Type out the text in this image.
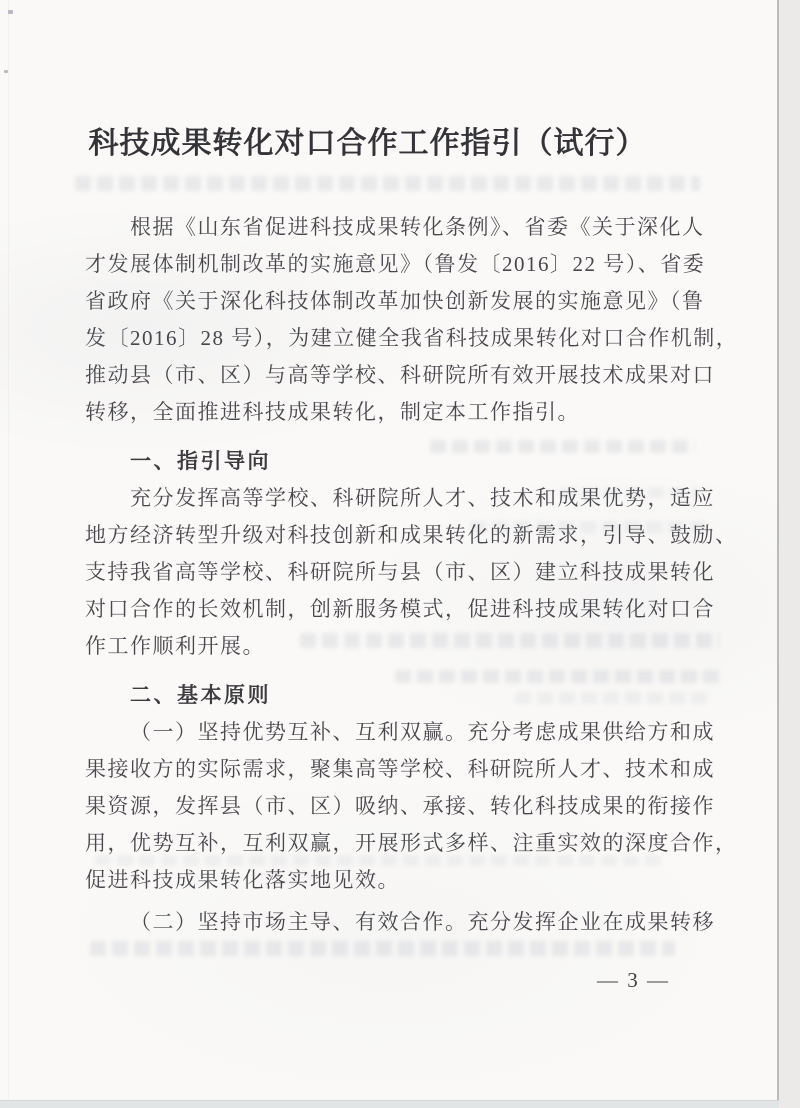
科技成果转化对口合作工作指引（试行）
根据《山东省促进科技成果转化条例》、省委《关于深化人
才发展体制机制改革的实施意见》（鲁发〔2016〕22 号）、省委
省政府《关于深化科技体制改革加快创新发展的实施意见》（鲁
发〔2016〕28 号），为建立健全我省科技成果转化对口合作机制，
推动县（市、区）与高等学校、科研院所有效开展技术成果对口
转移，全面推进科技成果转化，制定本工作指引。
一、指引导向
充分发挥高等学校、科研院所人才、技术和成果优势，适应
地方经济转型升级对科技创新和成果转化的新需求，引导、鼓励、
支持我省高等学校、科研院所与县（市、区）建立科技成果转化
对口合作的长效机制，创新服务模式，促进科技成果转化对口合
作工作顺利开展。
二、基本原则
（一）坚持优势互补、互利双赢。充分考虑成果供给方和成
果接收方的实际需求，聚集高等学校、科研院所人才、技术和成
果资源，发挥县（市、区）吸纳、承接、转化科技成果的衔接作
用，优势互补，互利双赢，开展形式多样、注重实效的深度合作，
促进科技成果转化落实地见效。
（二）坚持市场主导、有效合作。充分发挥企业在成果转移
— 3 —
